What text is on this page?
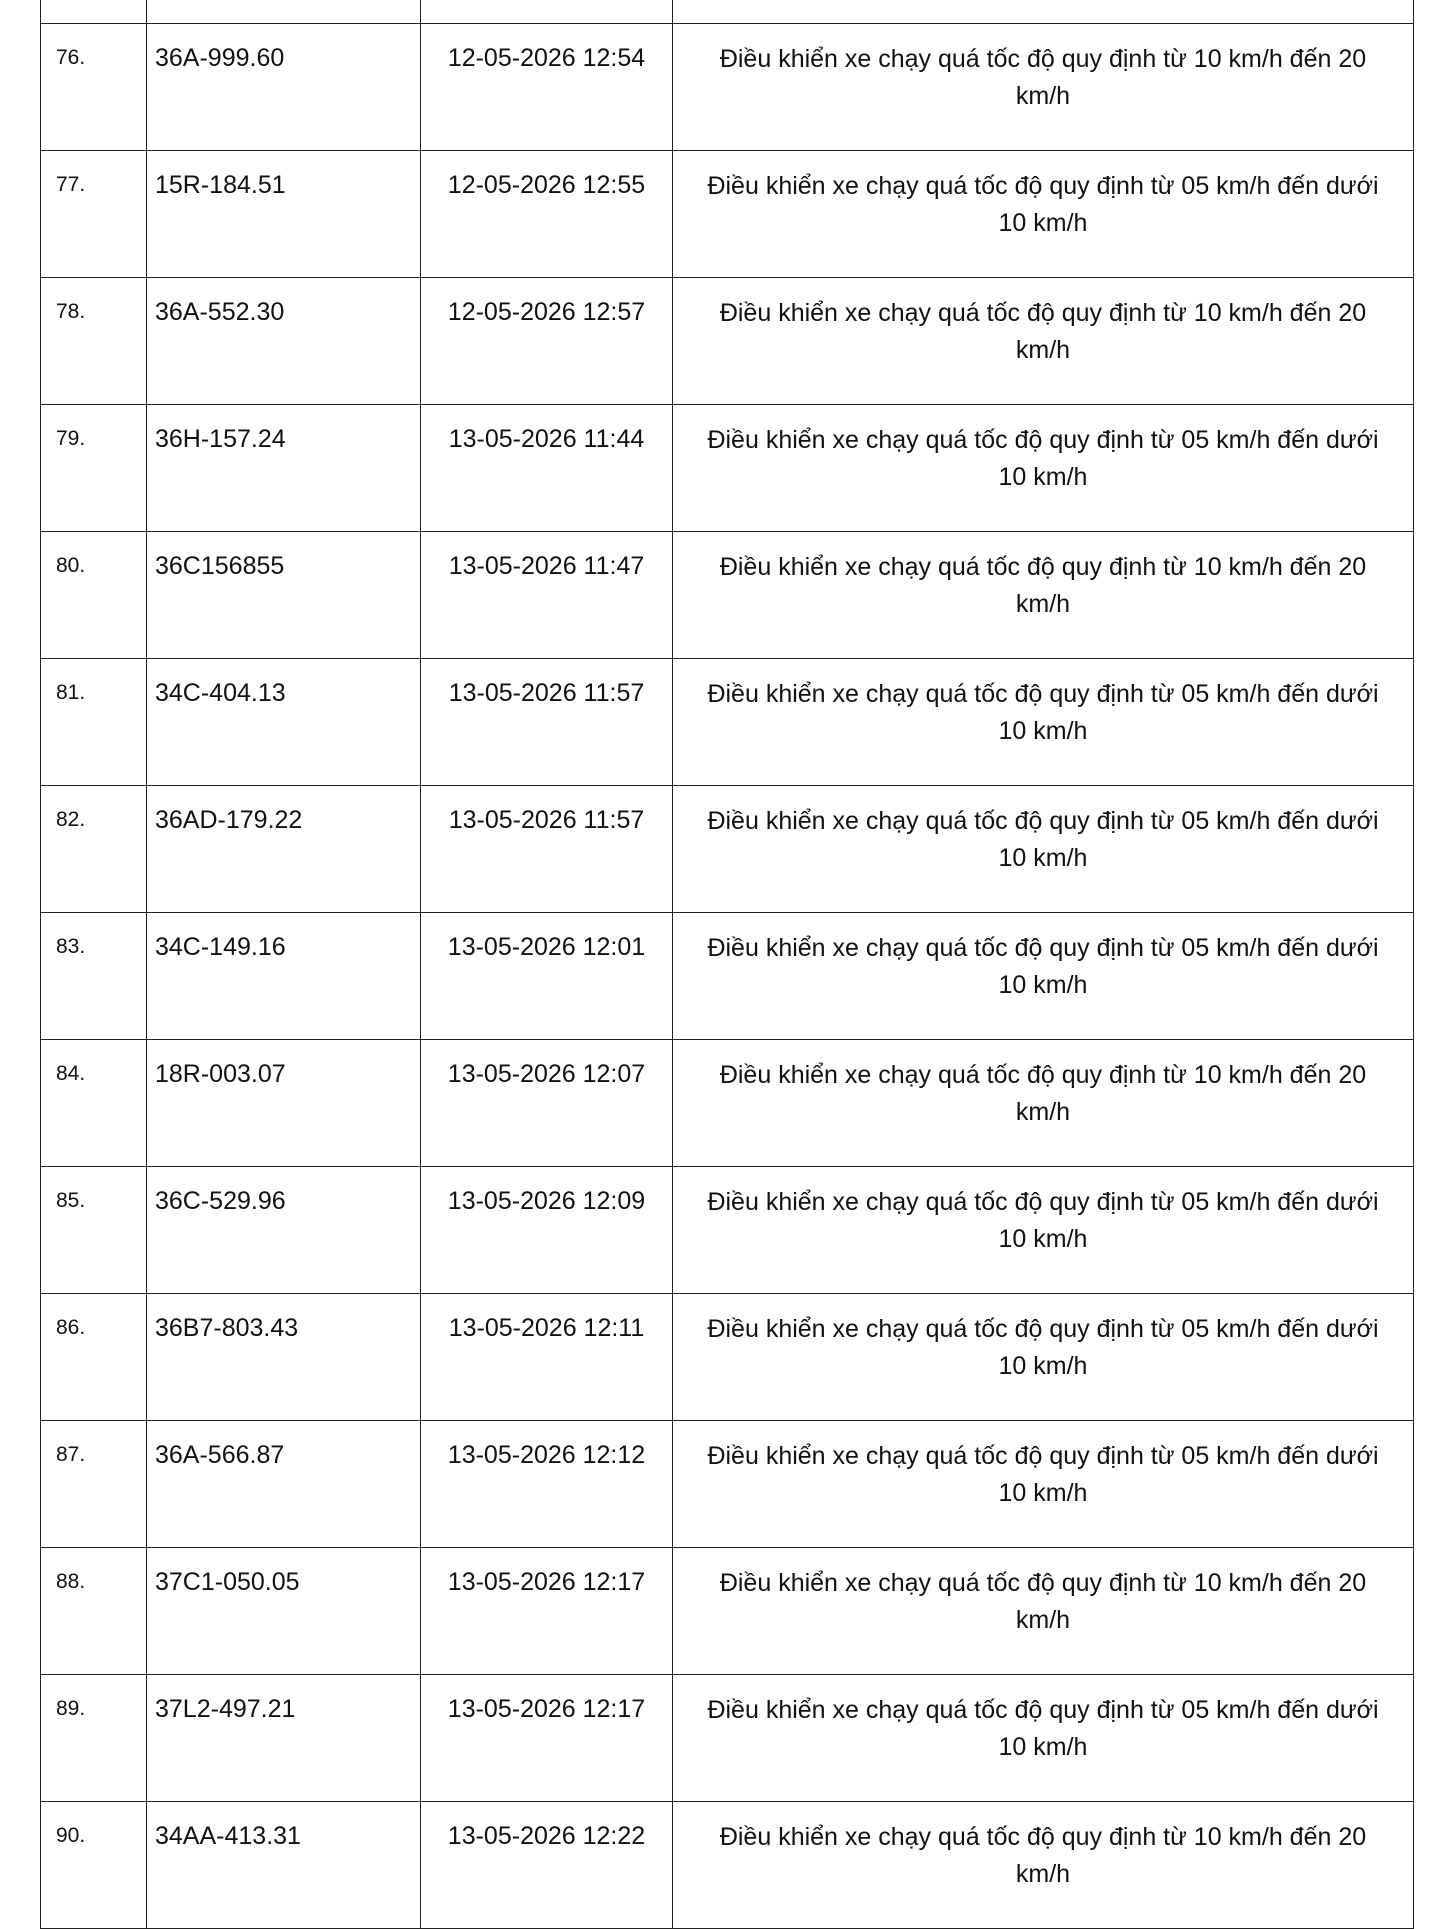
76.	36A-999.60	12-05-2026 12:54	Điều khiển xe chạy quá tốc độ quy định từ 10 km/h đến 20 km/h
77.	15R-184.51	12-05-2026 12:55	Điều khiển xe chạy quá tốc độ quy định từ 05 km/h đến dưới 10 km/h
78.	36A-552.30	12-05-2026 12:57	Điều khiển xe chạy quá tốc độ quy định từ 10 km/h đến 20 km/h
79.	36H-157.24	13-05-2026 11:44	Điều khiển xe chạy quá tốc độ quy định từ 05 km/h đến dưới 10 km/h
80.	36C156855	13-05-2026 11:47	Điều khiển xe chạy quá tốc độ quy định từ 10 km/h đến 20 km/h
81.	34C-404.13	13-05-2026 11:57	Điều khiển xe chạy quá tốc độ quy định từ 05 km/h đến dưới 10 km/h
82.	36AD-179.22	13-05-2026 11:57	Điều khiển xe chạy quá tốc độ quy định từ 05 km/h đến dưới 10 km/h
83.	34C-149.16	13-05-2026 12:01	Điều khiển xe chạy quá tốc độ quy định từ 05 km/h đến dưới 10 km/h
84.	18R-003.07	13-05-2026 12:07	Điều khiển xe chạy quá tốc độ quy định từ 10 km/h đến 20 km/h
85.	36C-529.96	13-05-2026 12:09	Điều khiển xe chạy quá tốc độ quy định từ 05 km/h đến dưới 10 km/h
86.	36B7-803.43	13-05-2026 12:11	Điều khiển xe chạy quá tốc độ quy định từ 05 km/h đến dưới 10 km/h
87.	36A-566.87	13-05-2026 12:12	Điều khiển xe chạy quá tốc độ quy định từ 05 km/h đến dưới 10 km/h
88.	37C1-050.05	13-05-2026 12:17	Điều khiển xe chạy quá tốc độ quy định từ 10 km/h đến 20 km/h
89.	37L2-497.21	13-05-2026 12:17	Điều khiển xe chạy quá tốc độ quy định từ 05 km/h đến dưới 10 km/h
90.	34AA-413.31	13-05-2026 12:22	Điều khiển xe chạy quá tốc độ quy định từ 10 km/h đến 20 km/h
